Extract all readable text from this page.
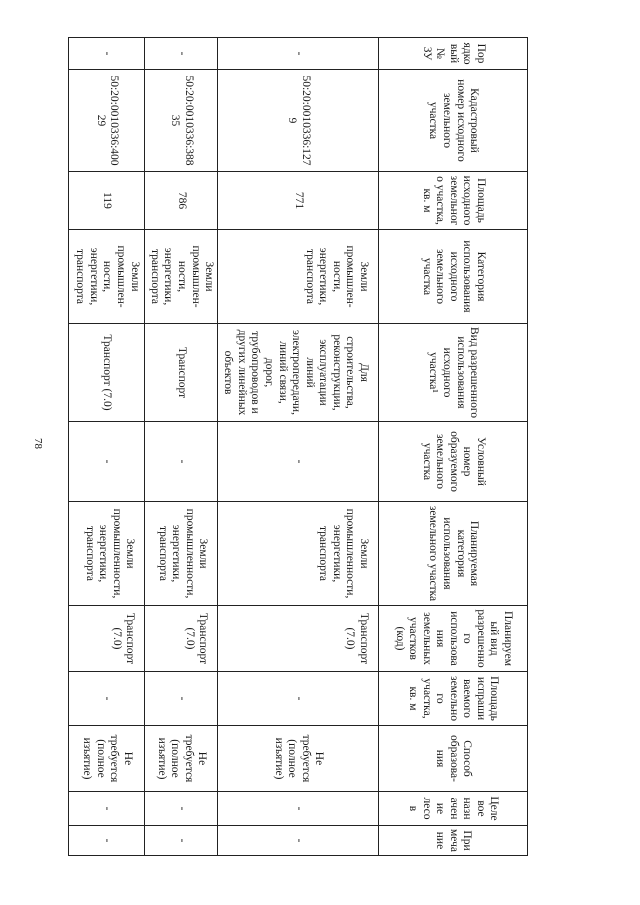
78
Порядковый № ЗУ	Кадастровый номер исходного земельного участка	Площадь исходного земельного участка, кв. м	Категория использования исходного земельного участка	Вид разрешенного использования исходного участка¹	Условный номер образуемого земельного участка	Планируемая категория использования земельного участка	Планируемый вид разрешенного использования земельных участков (код)	Площадь испрашиваемого земельного участка, кв. м	Способ образова-ния	Целевое назначение лесов	Примечание
-	50:20:0010336:1279	771	Земли промышлен-ности, энергетики, транспорта	Для строительства, реконструкции, эксплуатации линий электропередачи, линий связи, дорог, трубопроводов и других линейных объектов	-	Земли промышленности, энергетики, транспорта	Транспорт (7.0)	-	Не требуется (полное изъятие)	-	-
-	50:20:0010336:38835	786	Земли промышлен-ности, энергетики, транспорта	Транспорт	-	Земли промышленности, энергетики, транспорта	Транспорт (7.0)	-	Не требуется (полное изъятие)	-	-
-	50:20:0010336:40029	119	Земли промышлен-ности, энергетики, транспорта	Транспорт (7.0)	-	Земли промышленности, энергетики, транспорта	Транспорт (7.0)	-	Не требуется (полное изъятие)	-	-
